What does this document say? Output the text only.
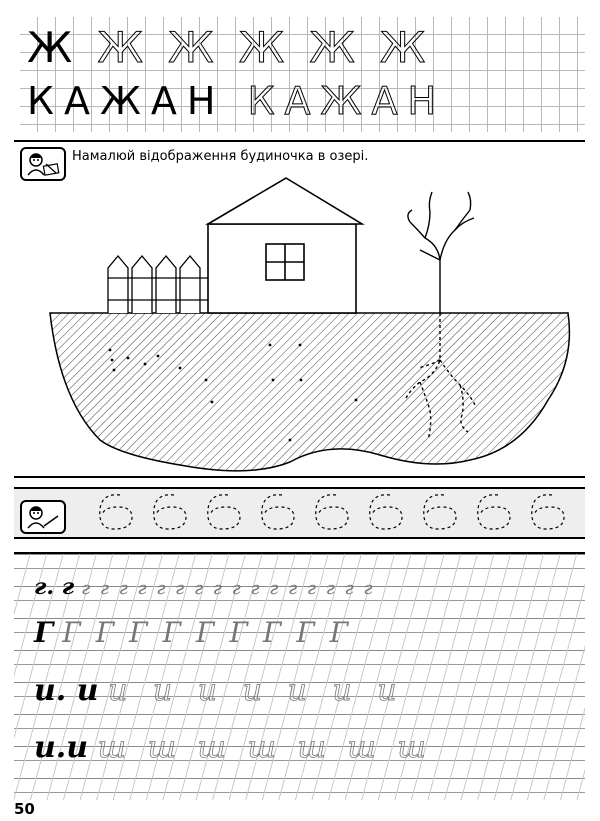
Ж Ж Ж Ж Ж Ж
КАЖАН КАЖАН
Намалюй відображення будиночка в озері.
г. г г г г г г г г г г г г г г г г г
Г Г Г Г Г Г Г Г Г Г
и. и и и и и и и и
и.и ш ш ш ш ш ш ш
50
